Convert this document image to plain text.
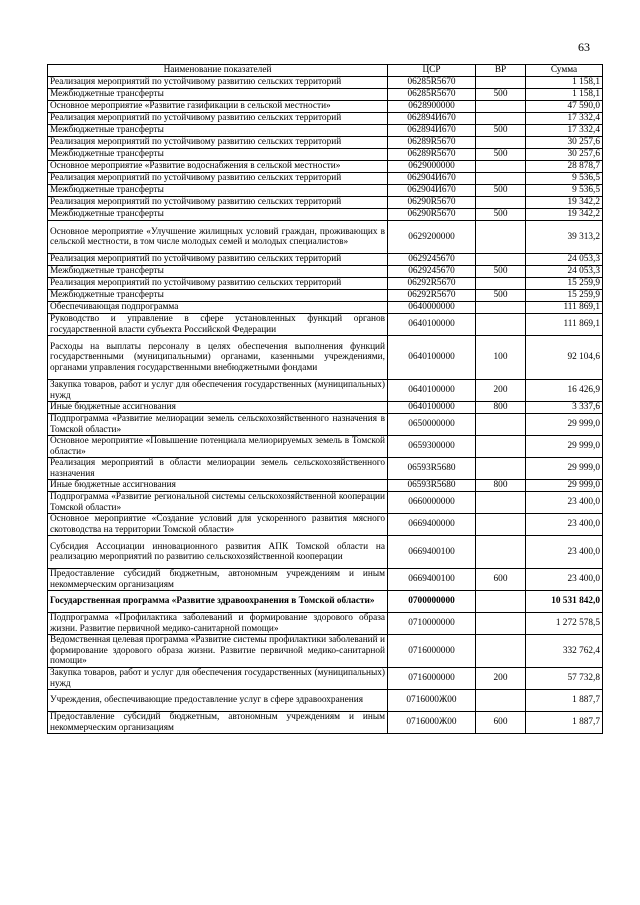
63
Наименование показателей	ЦСР	ВР	Сумма
Реализация мероприятий по устойчивому развитию сельских территорий	06285R5670		1 158,1
Межбюджетные трансферты	06285R5670	500	1 158,1
Основное мероприятие «Развитие газификации в сельской местности»	0628900000		47 590,0
Реализация мероприятий по устойчивому развитию сельских территорий	062894И670		17 332,4
Межбюджетные трансферты	062894И670	500	17 332,4
Реализация мероприятий по устойчивому развитию сельских территорий	06289R5670		30 257,6
Межбюджетные трансферты	06289R5670	500	30 257,6
Основное мероприятие «Развитие водоснабжения в сельской местности»	0629000000		28 878,7
Реализация мероприятий по устойчивому развитию сельских территорий	062904И670		9 536,5
Межбюджетные трансферты	062904И670	500	9 536,5
Реализация мероприятий по устойчивому развитию сельских территорий	06290R5670		19 342,2
Межбюджетные трансферты	06290R5670	500	19 342,2
Основное мероприятие «Улучшение жилищных условий граждан, проживающих в сельской местности, в том числе молодых семей и молодых специалистов»	0629200000		39 313,2
Реализация мероприятий по устойчивому развитию сельских территорий	0629245670		24 053,3
Межбюджетные трансферты	0629245670	500	24 053,3
Реализация мероприятий по устойчивому развитию сельских территорий	06292R5670		15 259,9
Межбюджетные трансферты	06292R5670	500	15 259,9
Обеспечивающая подпрограмма	0640000000		111 869,1
Руководство и управление в сфере установленных функций органов государственной власти субъекта Российской Федерации	0640100000		111 869,1
Расходы на выплаты персоналу в целях обеспечения выполнения функций государственными (муниципальными) органами, казенными учреждениями, органами управления государственными внебюджетными фондами	0640100000	100	92 104,6
Закупка товаров, работ и услуг для обеспечения государственных (муниципальных) нужд	0640100000	200	16 426,9
Иные бюджетные ассигнования	0640100000	800	3 337,6
Подпрограмма «Развитие мелиорации земель сельскохозяйственного назначения в Томской области»	0650000000		29 999,0
Основное мероприятие «Повышение потенциала мелиорируемых земель в Томской области»	0659300000		29 999,0
Реализация мероприятий в области мелиорации земель сельскохозяйственного назначения	06593R5680		29 999,0
Иные бюджетные ассигнования	06593R5680	800	29 999,0
Подпрограмма «Развитие региональной системы сельскохозяйственной кооперации Томской области»	0660000000		23 400,0
Основное мероприятие «Создание условий для ускоренного развития мясного скотоводства на территории Томской области»	0669400000		23 400,0
Субсидия Ассоциации инновационного развития АПК Томской области на реализацию мероприятий по развитию сельскохозяйственной кооперации	0669400100		23 400,0
Предоставление субсидий бюджетным, автономным учреждениям и иным некоммерческим организациям	0669400100	600	23 400,0
Государственная программа «Развитие здравоохранения в Томской области»	0700000000		10 531 842,0
Подпрограмма «Профилактика заболеваний и формирование здорового образа жизни. Развитие первичной медико-санитарной помощи»	0710000000		1 272 578,5
Ведомственная целевая программа «Развитие системы профилактики заболеваний и формирование здорового образа жизни. Развитие первичной медико-санитарной помощи»	0716000000		332 762,4
Закупка товаров, работ и услуг для обеспечения государственных (муниципальных) нужд	0716000000	200	57 732,8
Учреждения, обеспечивающие предоставление услуг в сфере здравоохранения	0716000Ж00		1 887,7
Предоставление субсидий бюджетным, автономным учреждениям и иным некоммерческим организациям	0716000Ж00	600	1 887,7
